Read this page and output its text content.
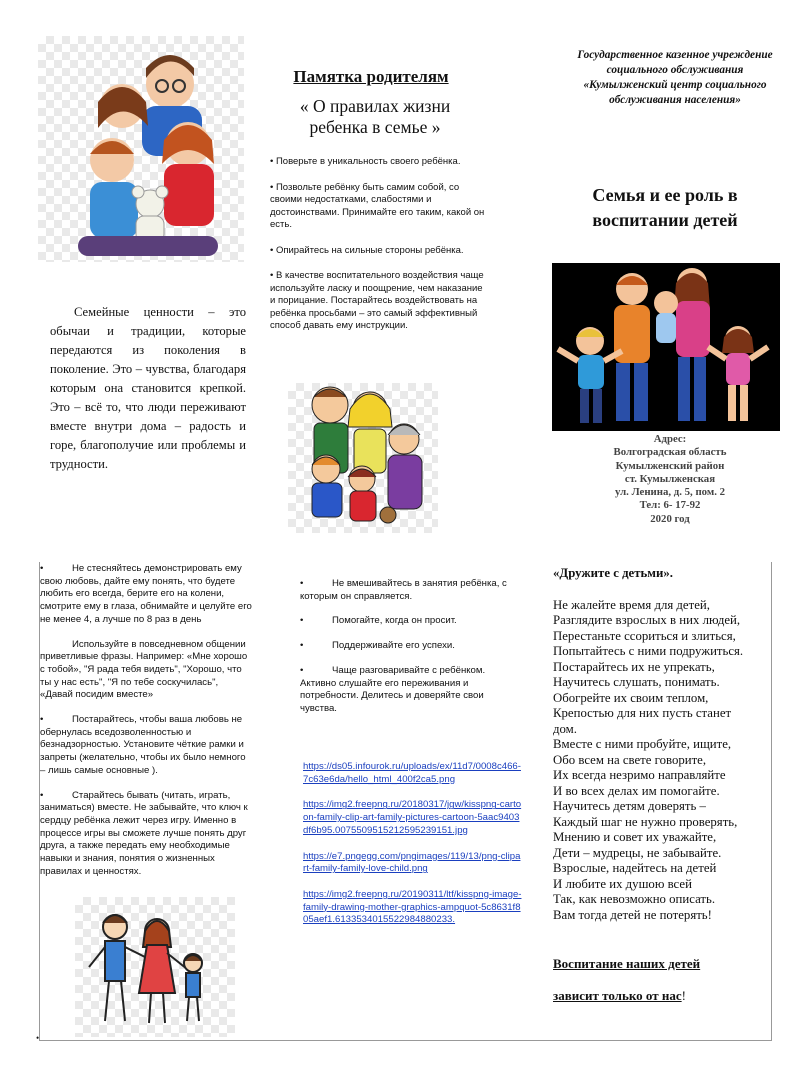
Семейные ценности – это обычаи и традиции, которые передаются из поколения в поколение. Это – чувства, благодаря которым она становится крепкой. Это – всё то, что люди переживают вместе внутри дома – радость и горе, благополучие или проблемы и трудности.

Памятка родителям
« О правилах жизни ребенка в семье »

• Поверьте в уникальность своего ребёнка.

• Позвольте ребёнку быть самим собой, со своими недостатками, слабостями и достоинствами. Принимайте его таким, какой он есть.

• Опирайтесь на сильные стороны ребёнка.

• В качестве воспитательного воздействия чаще используйте ласку и поощрение, чем наказание и порицание. Постарайтесь воздействовать на ребёнка просьбами – это самый эффективный способ давать ему инструкции.

Государственное казенное учреждение социального обслуживания «Кумылженский центр социального обслуживания населения»
Семья и ее роль в воспитании детей
Адрес:
Волгоградская область
Кумылженский район
ст. Кумылженская
ул. Ленина, д. 5, пом. 2
Тел: 6- 17-92
2020 год
•

•	Не стесняйтесь демонстрировать ему свою любовь, дайте ему понять, что будете любить его всегда, берите его на колени, смотрите ему в глаза, обнимайте и целуйте его не менее 4, а лучше по 8 раз в день

Используйте в повседневном общении приветливые фразы. Например: «Мне хорошо с тобой», "Я рада тебя видеть", "Хорошо, что ты у нас есть", "Я по тебе соскучилась", «Давай посидим вместе»

•	Постарайтесь, чтобы ваша любовь не обернулась вседозволенностью и безнадзорностью. Установите чёткие рамки и запреты (желательно, чтобы их было немного – лишь самые основные ).

•	Старайтесь бывать (читать, играть, заниматься) вместе. Не забывайте, что ключ к сердцу ребёнка лежит через игру. Именно в процессе игры вы сможете лучше понять друг друга, а также передать ему необходимые навыки и знания, понятия о жизненных правилах и ценностях.

•	Не вмешивайтесь в занятия ребёнка, с которым он справляется.

•	Помогайте, когда он просит.

•	Поддерживайте его успехи.

•	Чаще разговаривайте с ребёнком. Активно слушайте его переживания и потребности. Делитесь и доверяйте свои чувства.

https://ds05.infourok.ru/uploads/ex/11d7/0008c466-7c63e6da/hello_html_400f2ca5.png
https://img2.freepng.ru/20180317/jgw/kisspng-cartoon-family-clip-art-family-pictures-cartoon-5aac9403df6b95.0075509515212595239151.jpg
https://e7.pngegg.com/pngimages/119/13/png-clipart-family-family-love-child.png
https://img2.freepng.ru/20190311/ltf/kisspng-image-family-drawing-mother-graphics-ampquot-5c8631f805aef1.6133534015522984880233.
«Дружите с детьми».
Не жалейте время для детей,
Разглядите взрослых в них людей,
Перестаньте ссориться и злиться,
Попытайтесь с ними подружиться.
Постарайтесь их не упрекать,
Научитесь слушать, понимать.
Обогрейте их своим теплом,
Крепостью для них пусть станет
дом.
Вместе с ними пробуйте, ищите,
Обо всем на свете говорите,
Их всегда незримо направляйте
И во всех делах им помогайте.
Научитесь детям доверять –
Каждый шаг не нужно проверять,
Мнению и совет их уважайте,
Дети – мудрецы, не забывайте.
Взрослые, надейтесь на детей
И любите их душою всей
Так, как невозможно описать.
Вам тогда детей не потерять!
Воспитание наших детей
зависит только от нас!
